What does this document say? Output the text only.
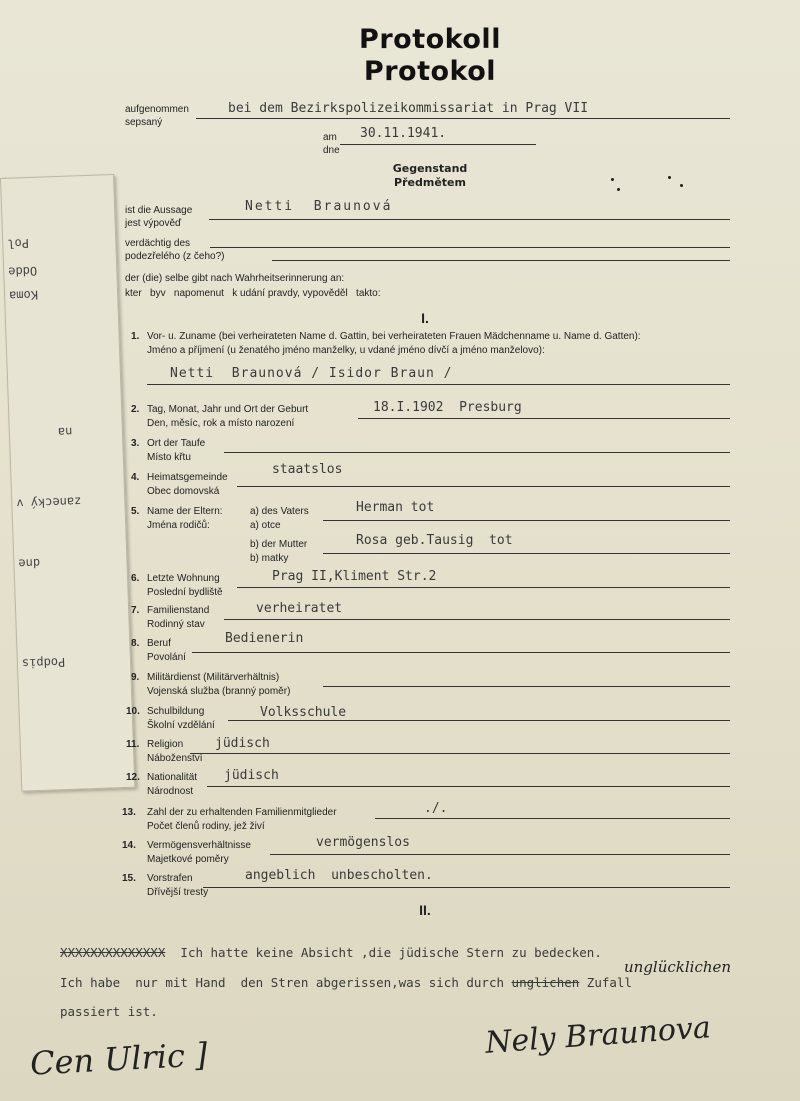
Pol
Odde
Koma
na
zanecký v
dne
Podpis
Protokoll
Protokol
aufgenommen
sepsaný
bei dem Bezirkspolizeikommissariat in Prag VII
am
dne
30.11.1941.
Gegenstand
Předmětem
ist die Aussage
jest výpověď
Netti  Braunová
verdächtig des
podezřelého (z čeho?)
der (die) selbe gibt nach Wahrheitserinnerung an:
kter   byv   napomenut   k udání pravdy, vypověděl   takto:
I.
1. Vor- u. Zuname (bei verheirateten Name d. Gattin, bei verheirateten Frauen Mädchenname u. Name d. Gatten):
Jméno a příjmení (u ženatého jméno manželky, u vdané jméno dívčí a jméno manželovo):
Netti  Braunová / Isidor Braun /
2. Tag, Monat, Jahr und Ort der Geburt
Den, měsíc, rok a místo narození
18.I.1902  Presburg
3. Ort der Taufe
Místo křtu
4. Heimatsgemeinde
Obec domovská
staatslos
5. Name der Eltern:
Jména rodičů:
a) des Vaters
a) otce
Herman tot
b) der Mutter
b) matky
Rosa geb.Tausig  tot
6. Letzte Wohnung
Poslední bydliště
Prag II,Kliment Str.2
7. Familienstand
Rodinný stav
verheiratet
8. Beruf
Povolání
Bedienerin
9. Militärdienst (Militärverhältnis)
Vojenská služba (branný poměr)
10. Schulbildung
Školní vzdělání
Volksschule
11. Religion
Náboženství
jüdisch
12. Nationalität
Národnost
jüdisch
13. Zahl der zu erhaltenden Familienmitglieder
Počet členů rodiny, jež živí
./.
14. Vermögensverhältnisse
Majetkové poměry
vermögenslos
15. Vorstrafen
Dřívější tresty
angeblich  unbescholten.
II.
XXXXXXXXXXXXXX Ich hatte keine Absicht ,die jüdische Stern zu bedecken.
unglücklichen
Ich habe  nur mit Hand  den Stren abgerissen,was sich durch unglichen Zufall
passiert ist.	Nely Braunova
Cen Ulric ]
